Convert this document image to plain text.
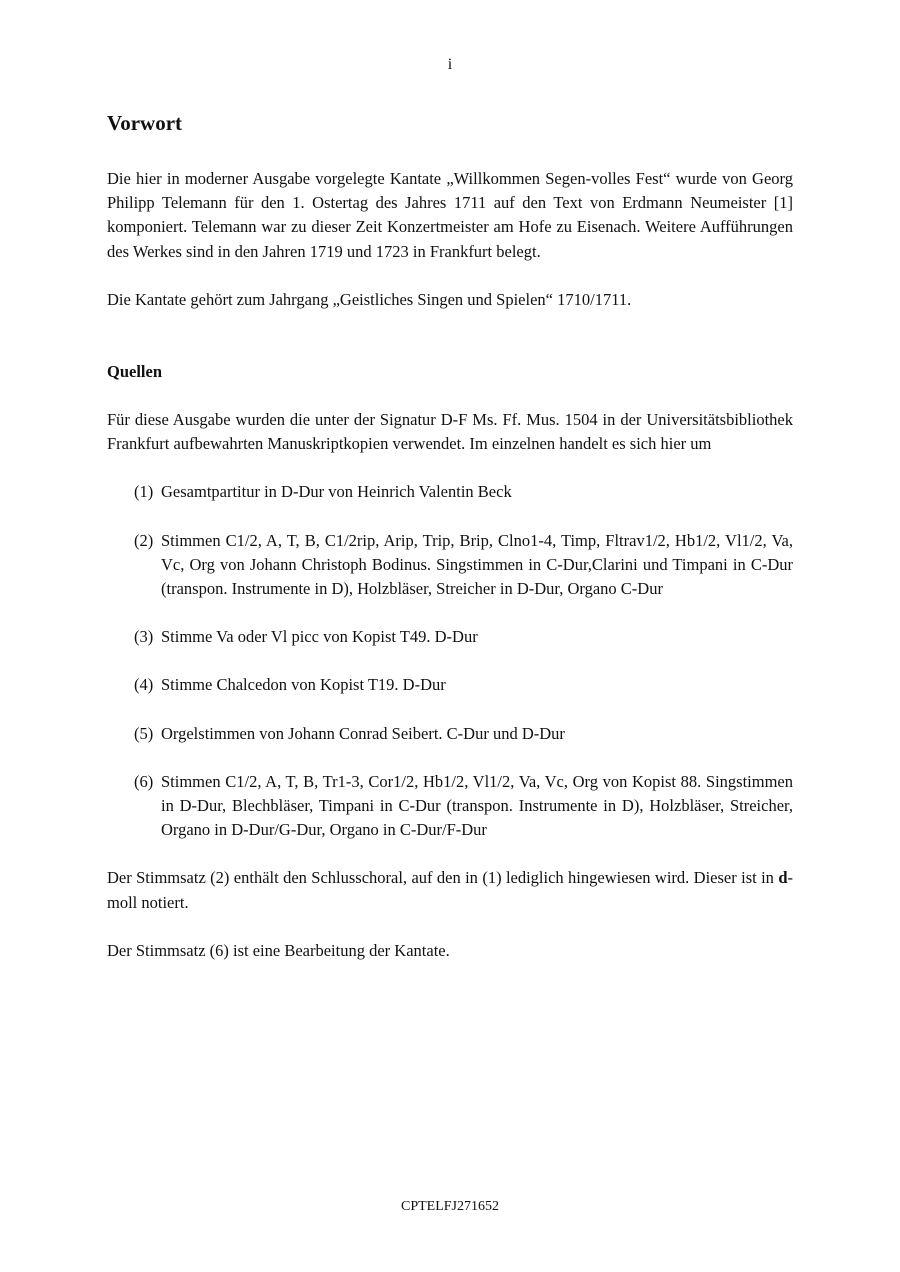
i
Vorwort

Die hier in moderner Ausgabe vorgelegte Kantate „Willkommen Segen-volles Fest“ wurde von Georg Philipp Telemann für den 1. Ostertag des Jahres 1711 auf den Text von Erdmann Neumeister [1] komponiert. Telemann war zu dieser Zeit Konzertmeister am Hofe zu Eisenach. Weitere Aufführungen des Werkes sind in den Jahren 1719 und 1723 in Frankfurt belegt.

Die Kantate gehört zum Jahrgang „Geistliches Singen und Spielen“ 1710/1711.

Quellen

Für diese Ausgabe wurden die unter der Signatur D-F Ms. Ff. Mus. 1504 in der Universitätsbibliothek Frankfurt aufbewahrten Manuskriptkopien verwendet. Im einzelnen handelt es sich hier um

(1) Gesamtpartitur in D-Dur von Heinrich Valentin Beck
(2) Stimmen C1/2, A, T, B, C1/2rip, Arip, Trip, Brip, Clno1-4, Timp, Fltrav1/2, Hb1/2, Vl1/2, Va, Vc, Org von Johann Christoph Bodinus. Singstimmen in C-Dur,Clarini und Timpani in C-Dur (transpon. Instrumente in D), Holzbläser, Streicher in D-Dur, Organo C-Dur
(3) Stimme Va oder Vl picc von Kopist T49. D-Dur
(4) Stimme Chalcedon von Kopist T19. D-Dur
(5) Orgelstimmen von Johann Conrad Seibert. C-Dur und D-Dur
(6) Stimmen C1/2, A, T, B, Tr1-3, Cor1/2, Hb1/2, Vl1/2, Va, Vc, Org von Kopist 88. Singstimmen in D-Dur, Blechbläser, Timpani in C-Dur (transpon. Instrumente in D), Holzbläser, Streicher, Organo in D-Dur/G-Dur, Organo in C-Dur/F-Dur

Der Stimmsatz (2) enthält den Schlusschoral, auf den in (1) lediglich hingewiesen wird. Dieser ist in d-moll notiert.

Der Stimmsatz (6) ist eine Bearbeitung der Kantate.

CPTELFJ271652
